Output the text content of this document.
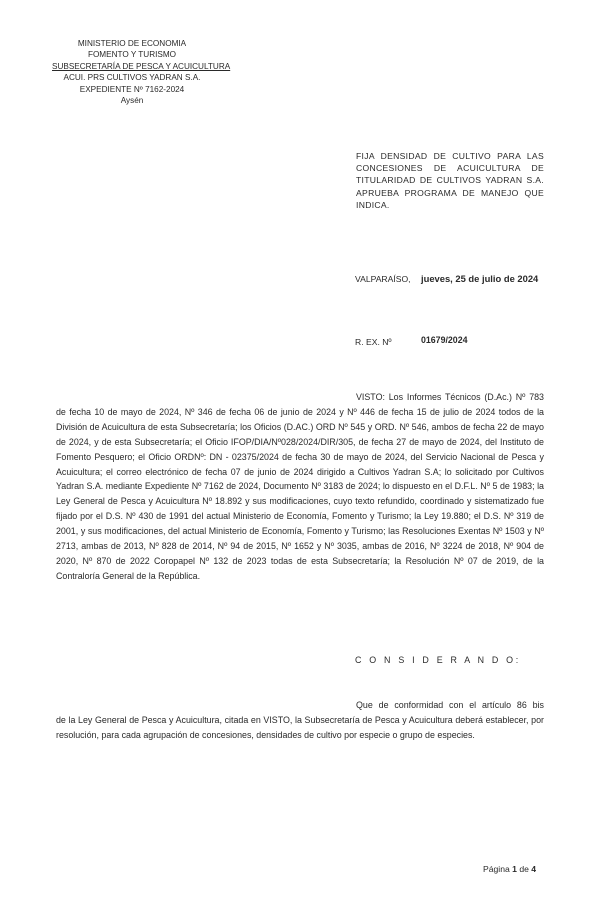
MINISTERIO DE ECONOMIA
FOMENTO Y TURISMO
SUBSECRETARÍA DE PESCA Y ACUICULTURA
ACUI. PRS CULTIVOS YADRAN S.A.
EXPEDIENTE Nº 7162-2024
Aysén
FIJA DENSIDAD DE CULTIVO PARA LAS CONCESIONES DE ACUICULTURA DE TITULARIDAD DE CULTIVOS YADRAN S.A. APRUEBA PROGRAMA DE MANEJO QUE INDICA.
VALPARAÍSO, jueves, 25 de julio de 2024
R. EX. Nº	01679/2024
VISTO: Los Informes Técnicos (D.Ac.) Nº 783
de fecha 10 de mayo de 2024, Nº 346 de fecha 06 de junio de 2024 y Nº 446 de fecha 15 de julio de 2024 todos de la División de Acuicultura de esta Subsecretaría; los Oficios (D.AC.) ORD Nº 545 y ORD. Nº 546, ambos de fecha 22 de mayo de 2024, y de esta Subsecretaría; el Oficio IFOP/DIA/Nº028/2024/DIR/305, de fecha 27 de mayo de 2024, del Instituto de Fomento Pesquero; el Oficio ORDNº: DN - 02375/2024 de fecha 30 de mayo de 2024, del Servicio Nacional de Pesca y Acuicultura; el correo electrónico de fecha 07 de junio de 2024 dirigido a Cultivos Yadran S.A; lo solicitado por Cultivos Yadran S.A. mediante Expediente Nº 7162 de 2024, Documento Nº 3183 de 2024; lo dispuesto en el D.F.L. Nº 5 de 1983; la Ley General de Pesca y Acuicultura Nº 18.892 y sus modificaciones, cuyo texto refundido, coordinado y sistematizado fue fijado por el D.S. Nº 430 de 1991 del actual Ministerio de Economía, Fomento y Turismo; la Ley 19.880; el D.S. Nº 319 de 2001, y sus modificaciones, del actual Ministerio de Economía, Fomento y Turismo; las Resoluciones Exentas Nº 1503 y Nº 2713, ambas de 2013, Nº 828 de 2014, Nº 94 de 2015, Nº 1652 y Nº 3035, ambas de 2016, Nº 3224 de 2018, Nº 904 de 2020, Nº 870 de 2022 Coropapel Nº 132 de 2023 todas de esta Subsecretaría; la Resolución Nº 07 de 2019, de la Contraloría General de la República.
C O N S I D E R A N D O:
Que de conformidad con el artículo 86 bis
de la Ley General de Pesca y Acuicultura, citada en VISTO, la Subsecretaría de Pesca y Acuicultura deberá establecer, por resolución, para cada agrupación de concesiones, densidades de cultivo por especie o grupo de especies.
Página 1 de 4
